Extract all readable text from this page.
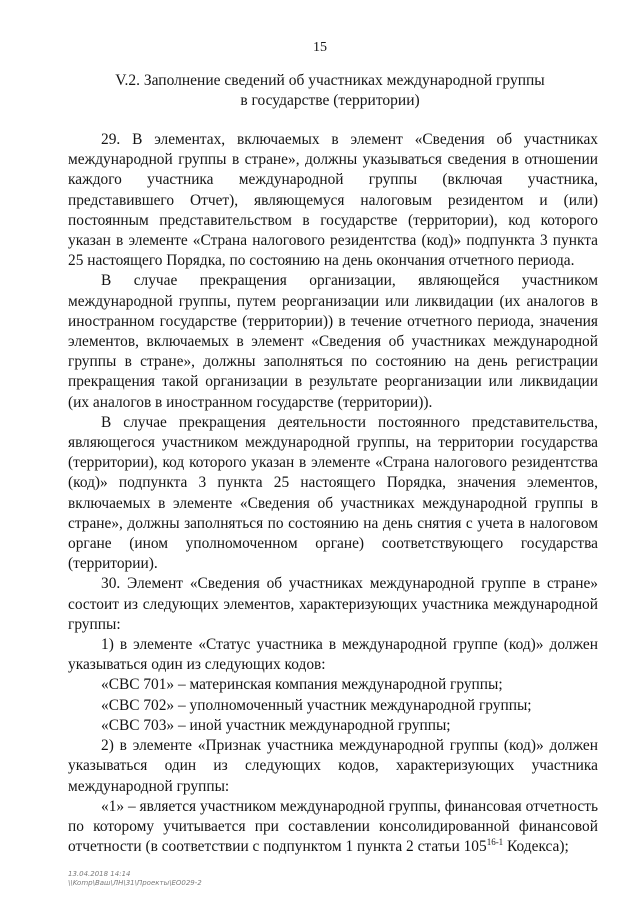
15
V.2. Заполнение сведений об участниках международной группы
в государстве (территории)

29. В элементах, включаемых в элемент «Сведения об участниках международной группы в стране», должны указываться сведения в отношении каждого участника международной группы (включая участника, представившего Отчет), являющемуся налоговым резидентом и (или) постоянным представительством в государстве (территории), код которого указан в элементе «Страна налогового резидентства (код)» подпункта 3 пункта 25 настоящего Порядка, по состоянию на день окончания отчетного периода.

В случае прекращения организации, являющейся участником международной группы, путем реорганизации или ликвидации (их аналогов в иностранном государстве (территории)) в течение отчетного периода, значения элементов, включаемых в элемент «Сведения об участниках международной группы в стране», должны заполняться по состоянию на день регистрации прекращения такой организации в результате реорганизации или ликвидации (их аналогов в иностранном государстве (территории)).

В случае прекращения деятельности постоянного представительства, являющегося участником международной группы, на территории государства (территории), код которого указан в элементе «Страна налогового резидентства (код)» подпункта 3 пункта 25 настоящего Порядка, значения элементов, включаемых в элементе «Сведения об участниках международной группы в стране», должны заполняться по состоянию на день снятия с учета в налоговом органе (ином уполномоченном органе) соответствующего государства (территории).

30. Элемент «Сведения об участниках международной группе в стране» состоит из следующих элементов, характеризующих участника международной группы:

1) в элементе «Статус участника в международной группе (код)» должен указываться один из следующих кодов:

«CBC 701» – материнская компания международной группы;

«CBC 702» – уполномоченный участник международной группы;

«CBC 703» – иной участник международной группы;

2) в элементе «Признак участника международной группы (код)» должен указываться один из следующих кодов, характеризующих участника международной группы:

«1» – является участником международной группы, финансовая отчетность по которому учитывается при составлении консолидированной финансовой отчетности (в соответствии с подпунктом 1 пункта 2 статьи 105$^{16-1}$ Кодекса);

13.04.2018 14:14
\\Komp\Ваш\ЛН\31\Проекты\ЕО029-2
